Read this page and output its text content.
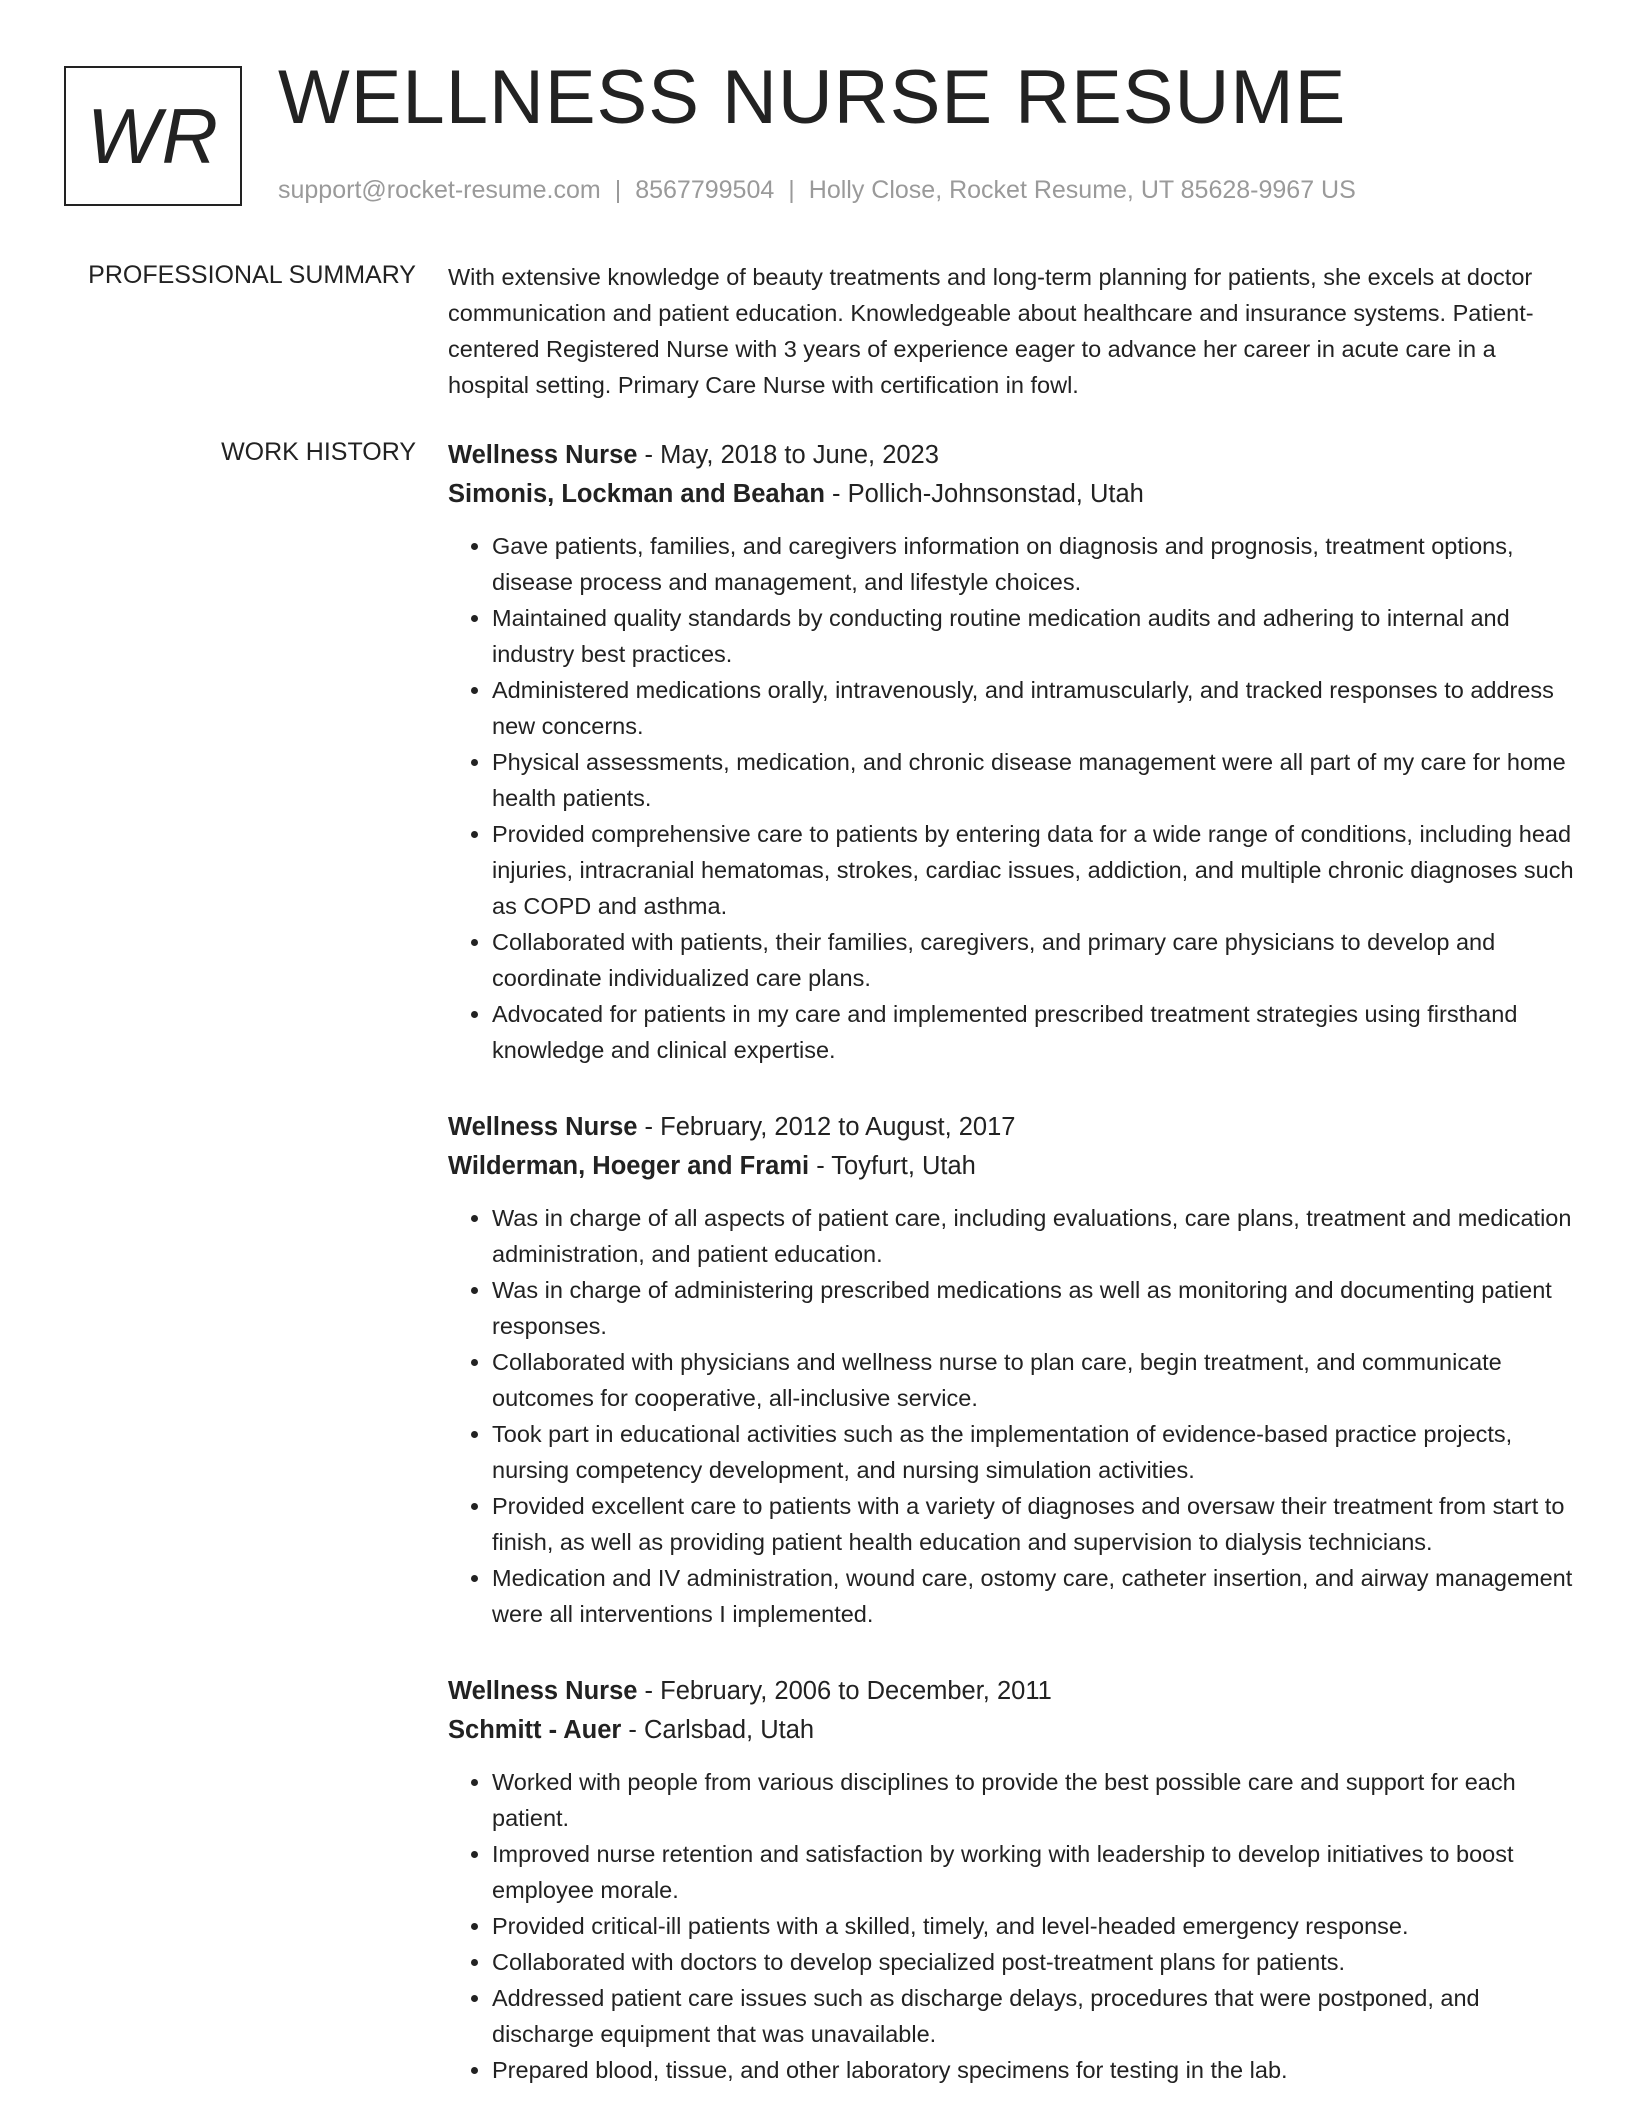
WR WELLNESS NURSE RESUME
support@rocket-resume.com | 8567799504 | Holly Close, Rocket Resume, UT 85628-9967 US
PROFESSIONAL SUMMARY With extensive knowledge of beauty treatments and long-term planning for patients, she excels at doctor communication and patient education. Knowledgeable about healthcare and insurance systems. Patient-centered Registered Nurse with 3 years of experience eager to advance her career in acute care in a hospital setting. Primary Care Nurse with certification in fowl.

WORK HISTORY Wellness Nurse - May, 2018 to June, 2023
Simonis, Lockman and Beahan - Pollich-Johnsonstad, Utah
• Gave patients, families, and caregivers information on diagnosis and prognosis, treatment options, disease process and management, and lifestyle choices.
• Maintained quality standards by conducting routine medication audits and adhering to internal and industry best practices.
• Administered medications orally, intravenously, and intramuscularly, and tracked responses to address new concerns.
• Physical assessments, medication, and chronic disease management were all part of my care for home health patients.
• Provided comprehensive care to patients by entering data for a wide range of conditions, including head injuries, intracranial hematomas, strokes, cardiac issues, addiction, and multiple chronic diagnoses such as COPD and asthma.
• Collaborated with patients, their families, caregivers, and primary care physicians to develop and coordinate individualized care plans.
• Advocated for patients in my care and implemented prescribed treatment strategies using firsthand knowledge and clinical expertise.
Wellness Nurse - February, 2012 to August, 2017
Wilderman, Hoeger and Frami - Toyfurt, Utah
• Was in charge of all aspects of patient care, including evaluations, care plans, treatment and medication administration, and patient education.
• Was in charge of administering prescribed medications as well as monitoring and documenting patient responses.
• Collaborated with physicians and wellness nurse to plan care, begin treatment, and communicate outcomes for cooperative, all-inclusive service.
• Took part in educational activities such as the implementation of evidence-based practice projects, nursing competency development, and nursing simulation activities.
• Provided excellent care to patients with a variety of diagnoses and oversaw their treatment from start to finish, as well as providing patient health education and supervision to dialysis technicians.
• Medication and IV administration, wound care, ostomy care, catheter insertion, and airway management were all interventions I implemented.
Wellness Nurse - February, 2006 to December, 2011
Schmitt - Auer - Carlsbad, Utah
• Worked with people from various disciplines to provide the best possible care and support for each patient.
• Improved nurse retention and satisfaction by working with leadership to develop initiatives to boost employee morale.
• Provided critical-ill patients with a skilled, timely, and level-headed emergency response.
• Collaborated with doctors to develop specialized post-treatment plans for patients.
• Addressed patient care issues such as discharge delays, procedures that were postponed, and discharge equipment that was unavailable.
• Prepared blood, tissue, and other laboratory specimens for testing in the lab.
